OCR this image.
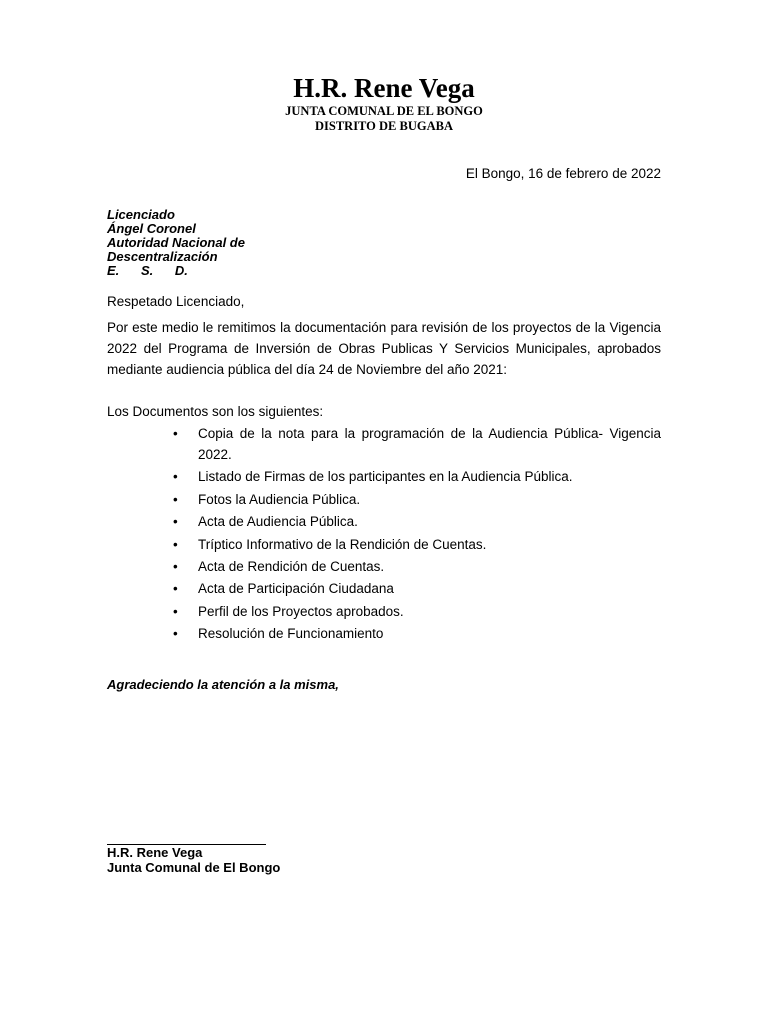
H.R. Rene Vega
JUNTA COMUNAL DE EL BONGO
DISTRITO DE BUGABA
El Bongo, 16 de febrero de 2022
Licenciado
Ángel Coronel
Autoridad Nacional de
Descentralización
E.      S.      D.
Respetado Licenciado,
Por este medio le remitimos la documentación para revisión de los proyectos de la Vigencia 2022 del Programa de Inversión de Obras Publicas Y Servicios Municipales, aprobados mediante audiencia pública del día 24 de Noviembre del año 2021:
Los Documentos son los siguientes:
• Copia de la nota para la programación de la Audiencia Pública- Vigencia 2022.
• Listado de Firmas de los participantes en la Audiencia Pública.
• Fotos la Audiencia Pública.
• Acta de Audiencia Pública.
• Tríptico Informativo de la Rendición de Cuentas.
• Acta de Rendición de Cuentas.
• Acta de Participación Ciudadana
• Perfil de los Proyectos aprobados.
• Resolución de Funcionamiento
Agradeciendo la atención a la misma,
H.R. Rene Vega
Junta Comunal de El Bongo
